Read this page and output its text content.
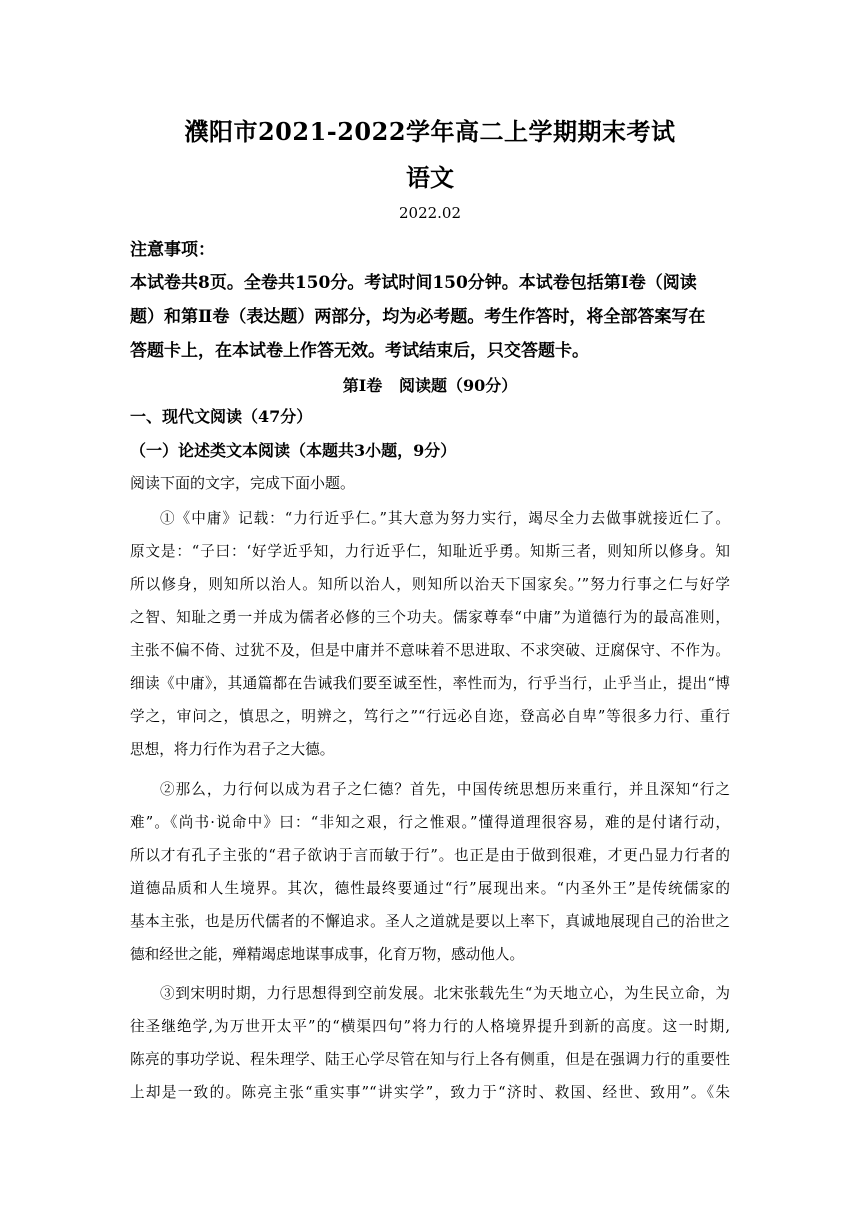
濮阳市2021-2022学年高二上学期期末考试
语文
2022.02
注意事项：
本试卷共8页。全卷共150分。考试时间150分钟。本试卷包括第Ⅰ卷（阅读
题）和第Ⅱ卷（表达题）两部分，均为必考题。考生作答时，将全部答案写在
答题卡上，在本试卷上作答无效。考试结束后，只交答题卡。
第Ⅰ卷   阅读题（90分）
一、现代文阅读（47分）
（一）论述类文本阅读（本题共3小题，9分）
阅读下面的文字，完成下面小题。
①《中庸》记载：“力行近乎仁。”其大意为努力实行，竭尽全力去做事就接近仁了。
原文是：“子曰：‘好学近乎知，力行近乎仁，知耻近乎勇。知斯三者，则知所以修身。知
所以修身，则知所以治人。知所以治人，则知所以治天下国家矣。’”努力行事之仁与好学
之智、知耻之勇一并成为儒者必修的三个功夫。儒家尊奉“中庸”为道德行为的最高准则，
主张不偏不倚、过犹不及，但是中庸并不意味着不思进取、不求突破、迂腐保守、不作为。
细读《中庸》，其通篇都在告诫我们要至诚至性，率性而为，行乎当行，止乎当止，提出“博
学之，审问之，慎思之，明辨之，笃行之”“行远必自迩，登高必自卑”等很多力行、重行
思想，将力行作为君子之大德。
②那么，力行何以成为君子之仁德？首先，中国传统思想历来重行，并且深知“行之
难”。《尚书·说命中》曰：“非知之艰，行之惟艰。”懂得道理很容易，难的是付诸行动，
所以才有孔子主张的“君子欲讷于言而敏于行”。也正是由于做到很难，才更凸显力行者的
道德品质和人生境界。其次，德性最终要通过“行”展现出来。“内圣外王”是传统儒家的
基本主张，也是历代儒者的不懈追求。圣人之道就是要以上率下，真诚地展现自己的治世之
德和经世之能，殚精竭虑地谋事成事，化育万物，感动他人。
③到宋明时期，力行思想得到空前发展。北宋张载先生“为天地立心，为生民立命，为
往圣继绝学,为万世开太平”的“横渠四句”将力行的人格境界提升到新的高度。这一时期,
陈亮的事功学说、程朱理学、陆王心学尽管在知与行上各有侧重，但是在强调力行的重要性
上却是一致的。陈亮主张“重实事”“讲实学”，致力于“济时、救国、经世、致用”。《朱
